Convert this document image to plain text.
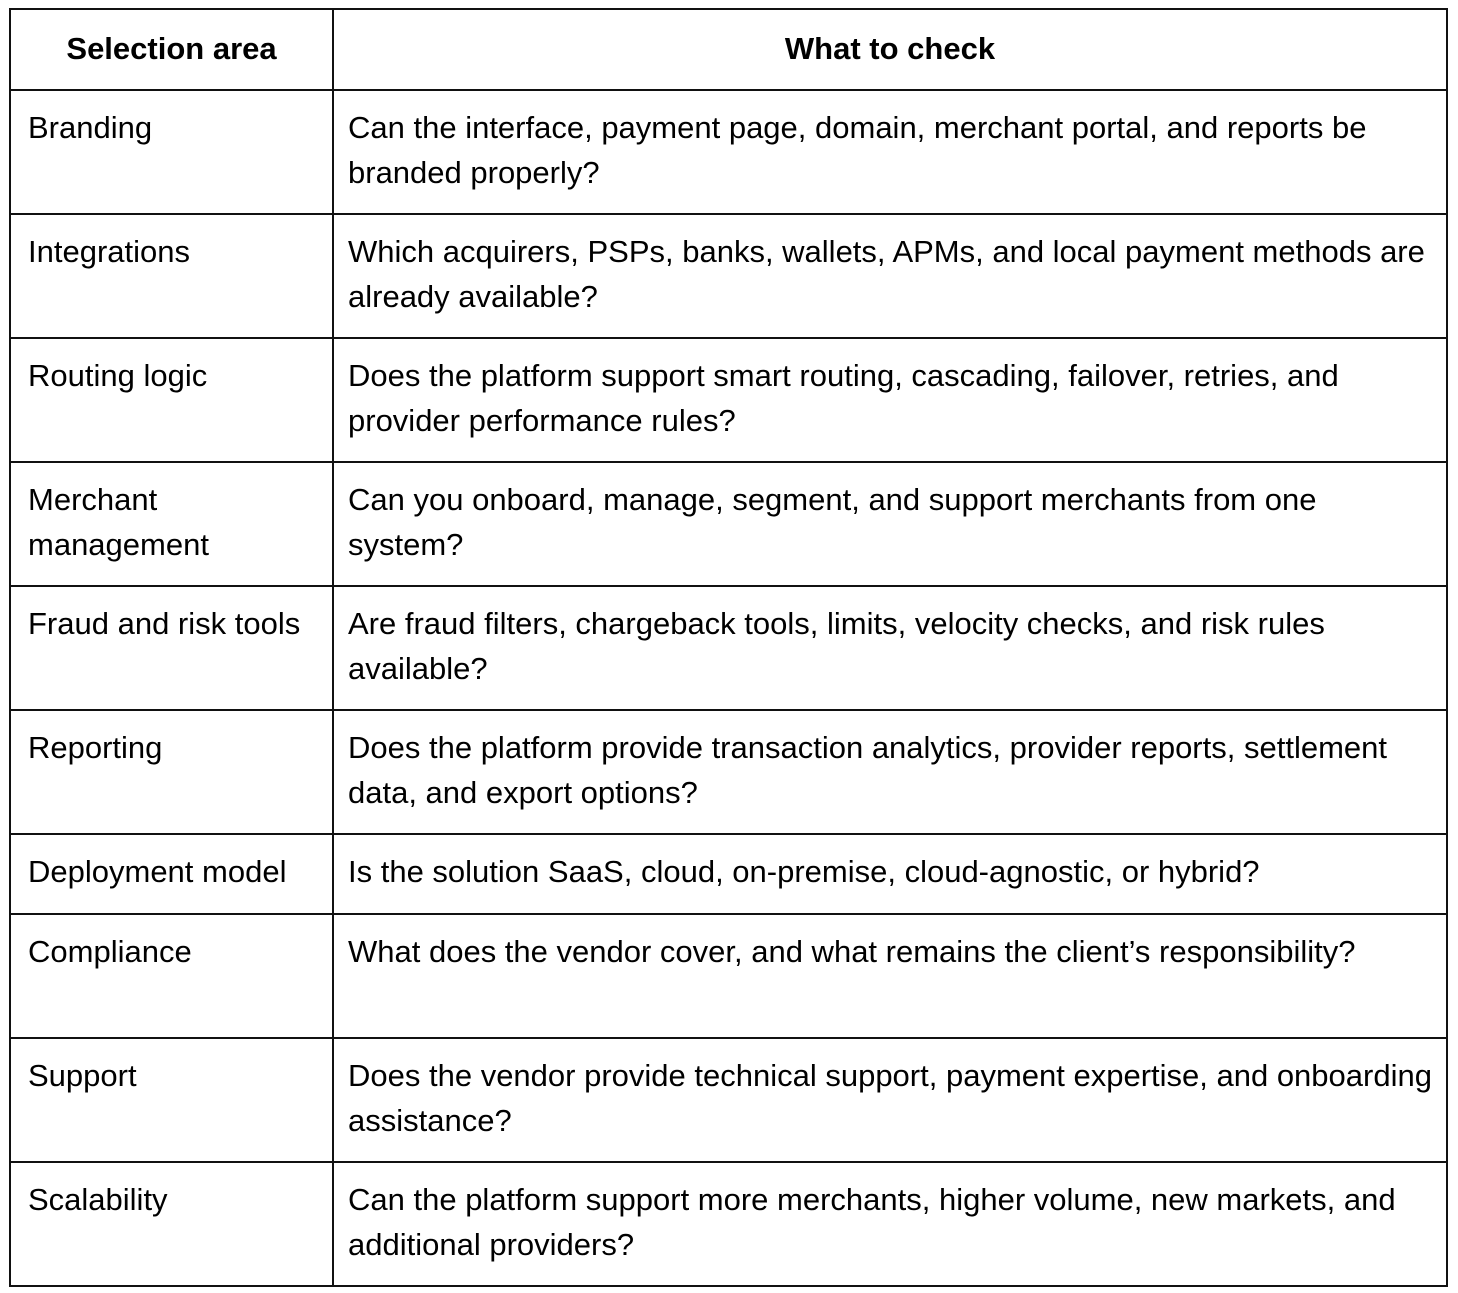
Selection area	What to check
Branding	Can the interface, payment page, domain, merchant portal, and reports be branded properly?
Integrations	Which acquirers, PSPs, banks, wallets, APMs, and local payment methods are already available?
Routing logic	Does the platform support smart routing, cascading, failover, retries, and provider performance rules?
Merchant management	Can you onboard, manage, segment, and support merchants from one system?
Fraud and risk tools	Are fraud filters, chargeback tools, limits, velocity checks, and risk rules available?
Reporting	Does the platform provide transaction analytics, provider reports, settlement data, and export options?
Deployment model	Is the solution SaaS, cloud, on-premise, cloud-agnostic, or hybrid?
Compliance	What does the vendor cover, and what remains the client’s responsibility?
Support	Does the vendor provide technical support, payment expertise, and onboarding assistance?
Scalability	Can the platform support more merchants, higher volume, new markets, and additional providers?
